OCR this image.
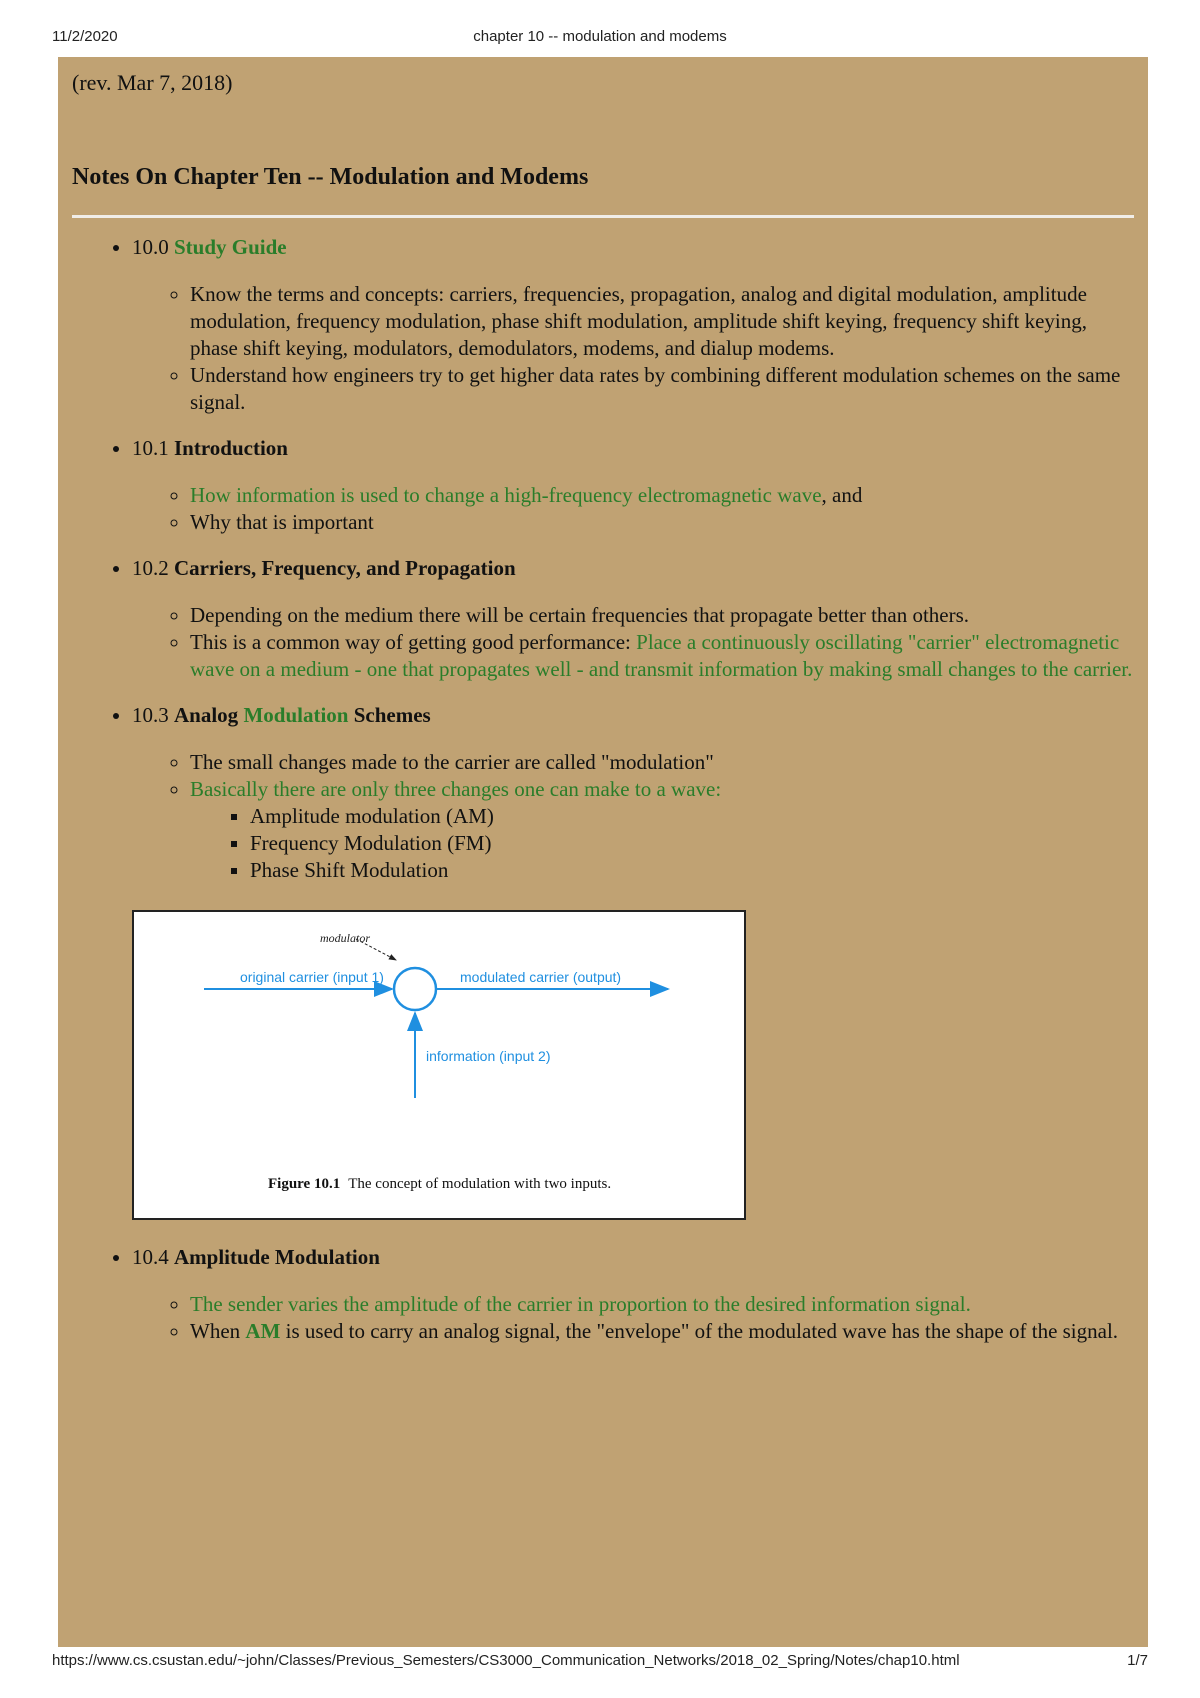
11/2/2020	chapter 10 -- modulation and modems

(rev. Mar 7, 2018)

Notes On Chapter Ten -- Modulation and Modems
• 10.0 Study Guide
◦ Know the terms and concepts: carriers, frequencies, propagation, analog and digital modulation, amplitude modulation, frequency modulation, phase shift modulation, amplitude shift keying, frequency shift keying, phase shift keying, modulators, demodulators, modems, and dialup modems.
◦ Understand how engineers try to get higher data rates by combining different modulation schemes on the same signal.
• 10.1 Introduction
◦ How information is used to change a high-frequency electromagnetic wave, and
◦ Why that is important
• 10.2 Carriers, Frequency, and Propagation
◦ Depending on the medium there will be certain frequencies that propagate better than others.
◦ This is a common way of getting good performance: Place a continuously oscillating "carrier" electromagnetic wave on a medium - one that propagates well - and transmit information by making small changes to the carrier.
• 10.3 Analog Modulation Schemes
◦ The small changes made to the carrier are called "modulation"
◦ Basically there are only three changes one can make to a wave:
▪ Amplitude modulation (AM)
▪ Frequency Modulation (FM)
▪ Phase Shift Modulation
modulator
original carrier (input 1)	modulated carrier (output)
information (input 2)
Figure 10.1 The concept of modulation with two inputs.
• 10.4 Amplitude Modulation
◦ The sender varies the amplitude of the carrier in proportion to the desired information signal.
◦ When AM is used to carry an analog signal, the "envelope" of the modulated wave has the shape of the signal.
https://www.cs.csustan.edu/~john/Classes/Previous_Semesters/CS3000_Communication_Networks/2018_02_Spring/Notes/chap10.html	1/7
